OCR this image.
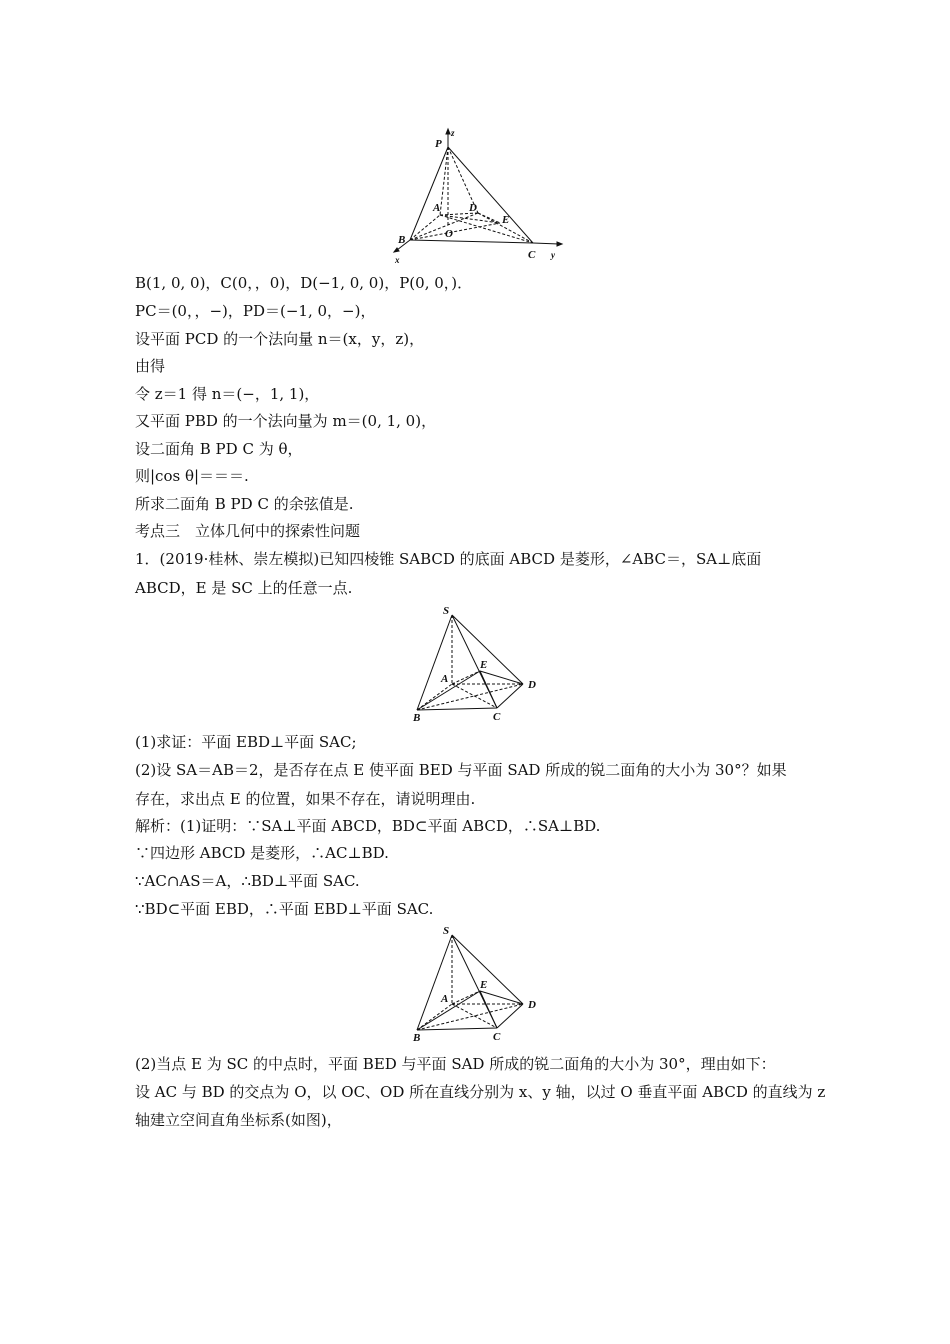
P
z
A	D
E
O
B
C
x	y
S
E
A	D
B	C
S
E
A	D
B	C
B(1, 0, 0)，C(0，，0)，D(−1, 0, 0)，P(0, 0，)．
PC＝(0，，−)，PD＝(−1, 0，−)，
设平面 PCD 的一个法向量 n＝(x，y，z)，
由得
令 z＝1 得 n＝(−，1, 1)，
又平面 PBD 的一个法向量为 m＝(0, 1, 0)，
设二面角 B PD C 为 θ，
则|cos θ|＝＝＝.
所求二面角 B PD C 的余弦值是.
考点三　立体几何中的探索性问题
1．(2019·桂林、崇左模拟)已知四棱锥 SABCD 的底面 ABCD 是菱形，∠ABC＝，SA⊥底面
ABCD，E 是 SC 上的任意一点.
(1)求证：平面 EBD⊥平面 SAC;
(2)设 SA＝AB＝2，是否存在点 E 使平面 BED 与平面 SAD 所成的锐二面角的大小为 30°？如果
存在，求出点 E 的位置，如果不存在，请说明理由.
解析：(1)证明：∵SA⊥平面 ABCD，BD⊂平面 ABCD，∴SA⊥BD.
∵四边形 ABCD 是菱形，∴AC⊥BD.
∵AC∩AS＝A，∴BD⊥平面 SAC.
∵BD⊂平面 EBD，∴平面 EBD⊥平面 SAC.
(2)当点 E 为 SC 的中点时，平面 BED 与平面 SAD 所成的锐二面角的大小为 30°，理由如下：
设 AC 与 BD 的交点为 O，以 OC、OD 所在直线分别为 x、y 轴，以过 O 垂直平面 ABCD 的直线为 z
轴建立空间直角坐标系(如图)，
